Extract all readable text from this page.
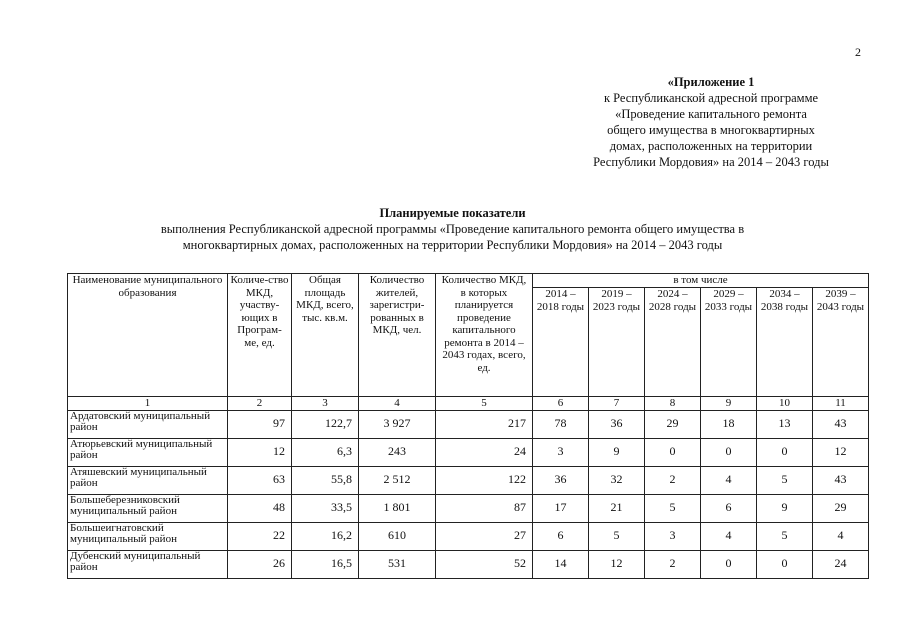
2
«Приложение 1
к Республиканской адресной программе
«Проведение капитального ремонта
общего имущества в многоквартирных
домах, расположенных на территории
Республики Мордовия» на 2014 – 2043 годы
Планируемые показатели
выполнения Республиканской адресной программы «Проведение капитального ремонта общего имущества в
многоквартирных домах, расположенных на территории Республики Мордовия» на 2014 – 2043 годы
Наименование муниципального образования	Количе-ство МКД, участву-ющих в Програм-ме, ед.	Общая площадь МКД, всего, тыс. кв.м.	Количество жителей, зарегистри-рованных в МКД, чел.	Количество МКД, в которых планируется проведение капитального ремонта в 2014 – 2043 годах, всего, ед.	в том числе					
					2014 – 2018 годы	2019 – 2023 годы	2024 – 2028 годы	2029 – 2033 годы	2034 – 2038 годы	2039 – 2043 годы
1	2	3	4	5	6	7	8	9	10	11
Ардатовский муниципальный район	97	122,7	3 927	217	78	36	29	18	13	43
Атюрьевский муниципальный район	12	6,3	243	24	3	9	0	0	0	12
Атяшевский муниципальный район	63	55,8	2 512	122	36	32	2	4	5	43
Большеберезниковский муниципальный район	48	33,5	1 801	87	17	21	5	6	9	29
Большеигнатовский муниципальный район	22	16,2	610	27	6	5	3	4	5	4
Дубенский муниципальный район	26	16,5	531	52	14	12	2	0	0	24
